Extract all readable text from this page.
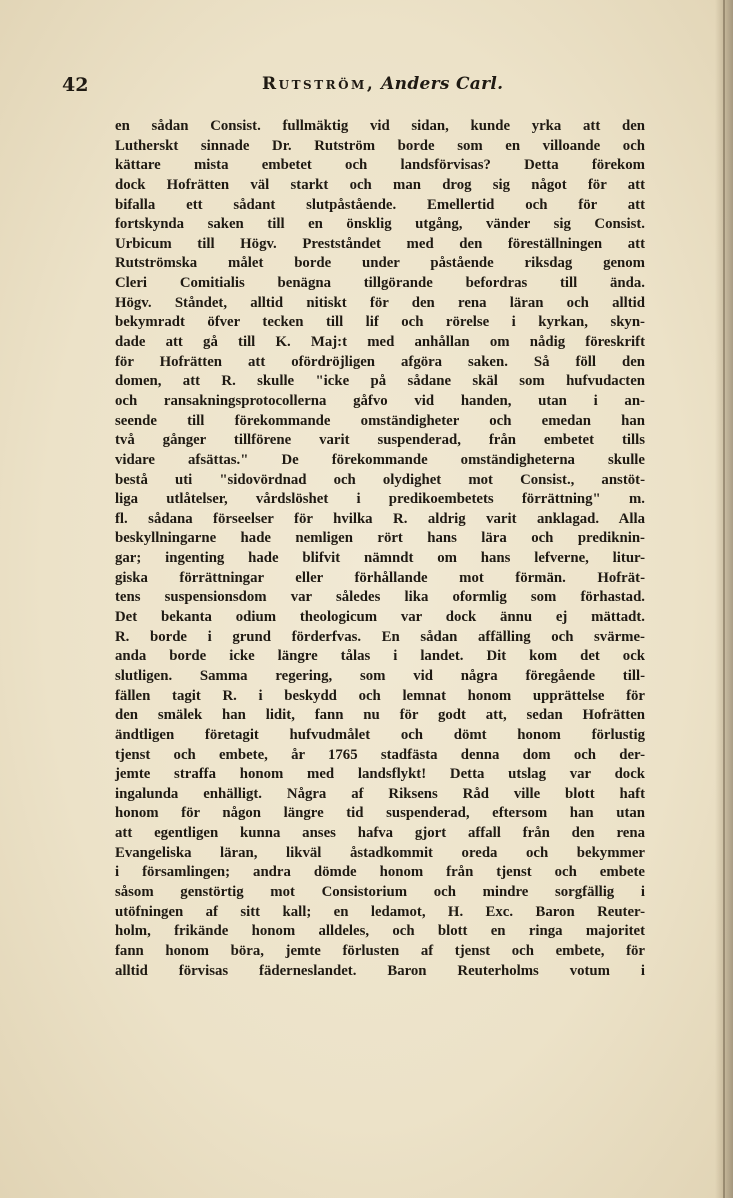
42	Rutström, Anders Carl.
en sådan Consist. fullmäktig vid sidan, kunde yrka att den
Lutherskt sinnade Dr. Rutström borde som en villoande och
kättare mista embetet och landsförvisas? Detta förekom
dock Hofrätten väl starkt och man drog sig något för att
bifalla ett sådant slutpåstående. Emellertid och för att
fortskynda saken till en önsklig utgång, vänder sig Consist.
Urbicum till Högv. Prestståndet med den föreställningen att
Rutströmska målet borde under påstående riksdag genom
Cleri Comitialis benägna tillgörande befordras till ända.
Högv. Ståndet, alltid nitiskt för den rena läran och alltid
bekymradt öfver tecken till lif och rörelse i kyrkan, skyn-
dade att gå till K. Maj:t med anhållan om nådig föreskrift
för Hofrätten att ofördröjligen afgöra saken. Så föll den
domen, att R. skulle "icke på sådane skäl som hufvudacten
och ransakningsprotocollerna gåfvo vid handen, utan i an-
seende till förekommande omständigheter och emedan han
två gånger tillförene varit suspenderad, från embetet tills
vidare afsättas." De förekommande omständigheterna skulle
bestå uti "sidovördnad och olydighet mot Consist., anstöt-
liga utlåtelser, vårdslöshet i predikoembetets förrättning" m.
fl. sådana förseelser för hvilka R. aldrig varit anklagad. Alla
beskyllningarne hade nemligen rört hans lära och prediknin-
gar; ingenting hade blifvit nämndt om hans lefverne, litur-
giska förrättningar eller förhållande mot förmän. Hofrät-
tens suspensionsdom var således lika oformlig som förhastad.
Det bekanta odium theologicum var dock ännu ej mättadt.
R. borde i grund förderfvas. En sådan affälling och svärme-
anda borde icke längre tålas i landet. Dit kom det ock
slutligen. Samma regering, som vid några föregående till-
fällen tagit R. i beskydd och lemnat honom upprättelse för
den smälek han lidit, fann nu för godt att, sedan Hofrätten
ändtligen företagit hufvudmålet och dömt honom förlustig
tjenst och embete, år 1765 stadfästa denna dom och der-
jemte straffa honom med landsflykt! Detta utslag var dock
ingalunda enhälligt. Några af Riksens Råd ville blott haft
honom för någon längre tid suspenderad, eftersom han utan
att egentligen kunna anses hafva gjort affall från den rena
Evangeliska läran, likväl åstadkommit oreda och bekymmer
i församlingen; andra dömde honom från tjenst och embete
såsom genstörtig mot Consistorium och mindre sorgfällig i
utöfningen af sitt kall; en ledamot, H. Exc. Baron Reuter-
holm, frikände honom alldeles, och blott en ringa majoritet
fann honom böra, jemte förlusten af tjenst och embete, för
alltid förvisas fäderneslandet. Baron Reuterholms votum i
